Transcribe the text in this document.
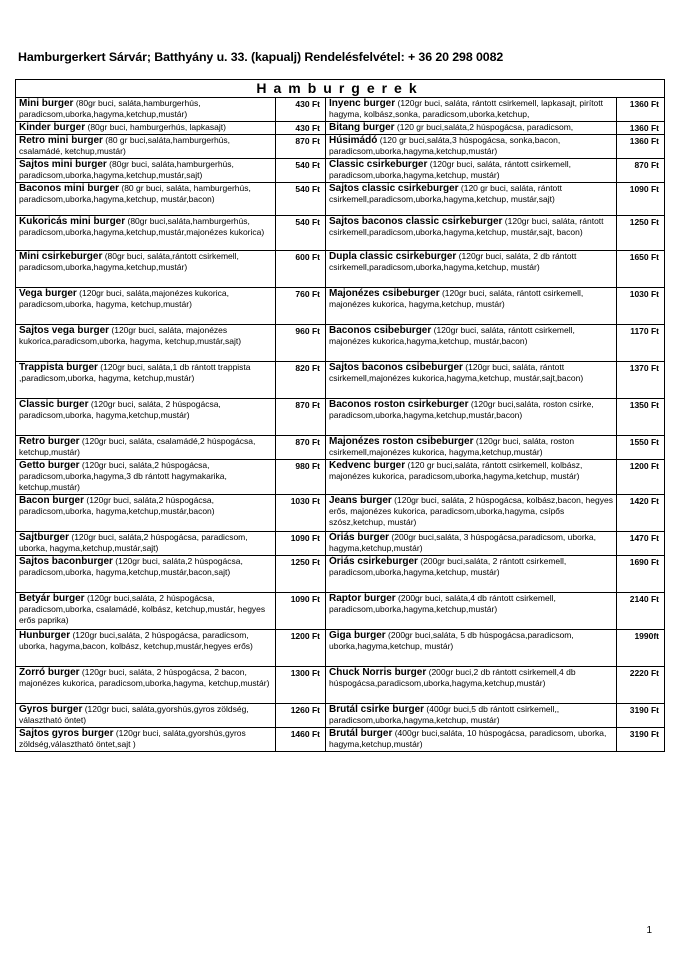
Hamburgerkert Sárvár; Batthyány u. 33. (kapualj) Rendelésfelvétel: + 36 20 298 0082
Hamburgerek			
Mini burger (80gr buci, saláta,hamburgerhús, paradicsom,uborka,hagyma,ketchup,mustár)	430 Ft	Ínyenc burger (120gr buci, saláta, rántott csirkemell, lapkasajt, pirított hagyma, kolbász,sonka, paradicsom,uborka,ketchup,	1360 Ft
Kinder burger (80gr buci, hamburgerhús, lapkasajt)	430 Ft	Bitang burger (120 gr buci,saláta,2 húspogácsa, paradicsom,	1360 Ft
Retro mini burger (80 gr buci,saláta,hamburgerhús, csalamádé, ketchup,mustár)	870 Ft	Húsimádó (120 gr buci,saláta,3 húspogácsa, sonka,bacon, paradicsom,uborka,hagyma,ketchup,mustár)	1360 Ft
Sajtos mini burger (80gr buci, saláta,hamburgerhús, paradicsom,uborka,hagyma,ketchup,mustár,sajt)	540 Ft	Classic csirkeburger (120gr buci, saláta, rántott csirkemell, paradicsom,uborka,hagyma,ketchup, mustár)	870 Ft
Baconos mini burger (80 gr buci, saláta, hamburgerhús, paradicsom,uborka,hagyma,ketchup, mustár,bacon)	540 Ft	Sajtos classic csirkeburger (120 gr buci, saláta, rántott csirkemell,paradicsom,uborka,hagyma,ketchup, mustár,sajt)	1090 Ft
Kukoricás mini burger (80gr buci,saláta,hamburgerhús, paradicsom,uborka,hagyma,ketchup,mustár,majonézes kukorica)	540 Ft	Sajtos baconos classic csirkeburger (120gr buci, saláta, rántott csirkemell,paradicsom,uborka,hagyma,ketchup, mustár,sajt, bacon)	1250 Ft
Mini csirkeburger (80gr buci, saláta,rántott csirkemell, paradicsom,uborka,hagyma,ketchup,mustár)	600 Ft	Dupla classic csirkeburger (120gr buci, saláta, 2 db rántott csirkemell,paradicsom,uborka,hagyma,ketchup, mustár)	1650 Ft
Vega burger (120gr buci, saláta,majonézes kukorica, paradicsom,uborka, hagyma, ketchup,mustár)	760 Ft	Majonézes csibeburger (120gr buci, saláta, rántott csirkemell, majonézes kukorica, hagyma,ketchup, mustár)	1030 Ft
Sajtos vega burger (120gr buci, saláta, majonézes kukorica,paradicsom,uborka, hagyma, ketchup,mustár,sajt)	960 Ft	Baconos csibeburger (120gr buci, saláta, rántott csirkemell, majonézes kukorica,hagyma,ketchup, mustár,bacon)	1170 Ft
Trappista burger (120gr buci, saláta,1 db rántott trappista ,paradicsom,uborka, hagyma, ketchup,mustár)	820 Ft	Sajtos baconos csibeburger (120gr buci, saláta, rántott csirkemell,majonézes kukorica,hagyma,ketchup, mustár,sajt,bacon)	1370 Ft
Classic burger (120gr buci, saláta, 2 húspogácsa, paradicsom,uborka, hagyma,ketchup,mustár)	870 Ft	Baconos roston csirkeburger (120gr buci,saláta, roston csirke, paradicsom,uborka,hagyma,ketchup,mustár,bacon)	1350 Ft
Retro burger (120gr buci, saláta, csalamádé,2 húspogácsa, ketchup,mustár)	870 Ft	Majonézes roston csibeburger (120gr buci, saláta, roston csirkemell,majonézes kukorica, hagyma,ketchup,mustár)	1550 Ft
Getto burger (120gr buci, saláta,2 húspogácsa, paradicsom,uborka,hagyma,3 db rántott hagymakarika, ketchup,mustár)	980 Ft	Kedvenc burger (120 gr buci,saláta, rántott csirkemell, kolbász, majonézes kukorica, paradicsom,uborka,hagyma,ketchup, mustár)	1200 Ft
Bacon burger (120gr buci, saláta,2 húspogácsa, paradicsom,uborka, hagyma,ketchup,mustár,bacon)	1030 Ft	Jeans burger (120gr buci, saláta, 2 húspogácsa, kolbász,bacon, hegyes erős, majonézes kukorica, paradicsom,uborka,hagyma, csípős szósz,ketchup, mustár)	1420 Ft
Sajtburger (120gr buci, saláta,2 húspogácsa, paradicsom, uborka, hagyma,ketchup,mustár,sajt)	1090 Ft	Óriás burger (200gr buci,saláta, 3 húspogácsa,paradicsom, uborka, hagyma,ketchup,mustár)	1470 Ft
Sajtos baconburger (120gr buci, saláta,2 húspogácsa, paradicsom,uborka, hagyma,ketchup,mustár,bacon,sajt)	1250 Ft	Óriás csirkeburger (200gr buci,saláta, 2 rántott csirkemell, paradicsom,uborka,hagyma,ketchup, mustár)	1690 Ft
Betyár burger (120gr buci,saláta, 2 húspogácsa, paradicsom,uborka, csalamádé, kolbász, ketchup,mustár, hegyes erős paprika)	1090 Ft	Raptor burger (200gr buci, saláta,4 db rántott csirkemell, paradicsom,uborka,hagyma,ketchup,mustár)	2140 Ft
Hunburger (120gr buci,saláta, 2 húspogácsa, paradicsom, uborka, hagyma,bacon, kolbász, ketchup,mustár,hegyes erős)	1200 Ft	Giga burger (200gr buci,saláta, 5 db húspogácsa,paradicsom, uborka,hagyma,ketchup, mustár)	1990ft
Zorró burger (120gr buci, saláta, 2 húspogácsa, 2 bacon, majonézes kukorica, paradicsom,uborka,hagyma, ketchup,mustár)	1300 Ft	Chuck Norris burger (200gr buci,2 db rántott csirkemell,4 db húspogácsa,paradicsom,uborka,hagyma,ketchup,mustár)	2220 Ft
Gyros burger (120gr buci, saláta,gyorshús,gyros zöldség, választható öntet)	1260 Ft	Brutál csirke burger (400gr buci,5 db rántott csirkemell,, paradicsom,uborka,hagyma,ketchup, mustár)	3190 Ft
Sajtos gyros burger (120gr buci, saláta,gyorshús,gyros zöldség,választható öntet,sajt )	1460 Ft	Brutál burger (400gr buci,saláta, 10 húspogácsa, paradicsom, uborka, hagyma,ketchup,mustár)	3190 Ft
1
